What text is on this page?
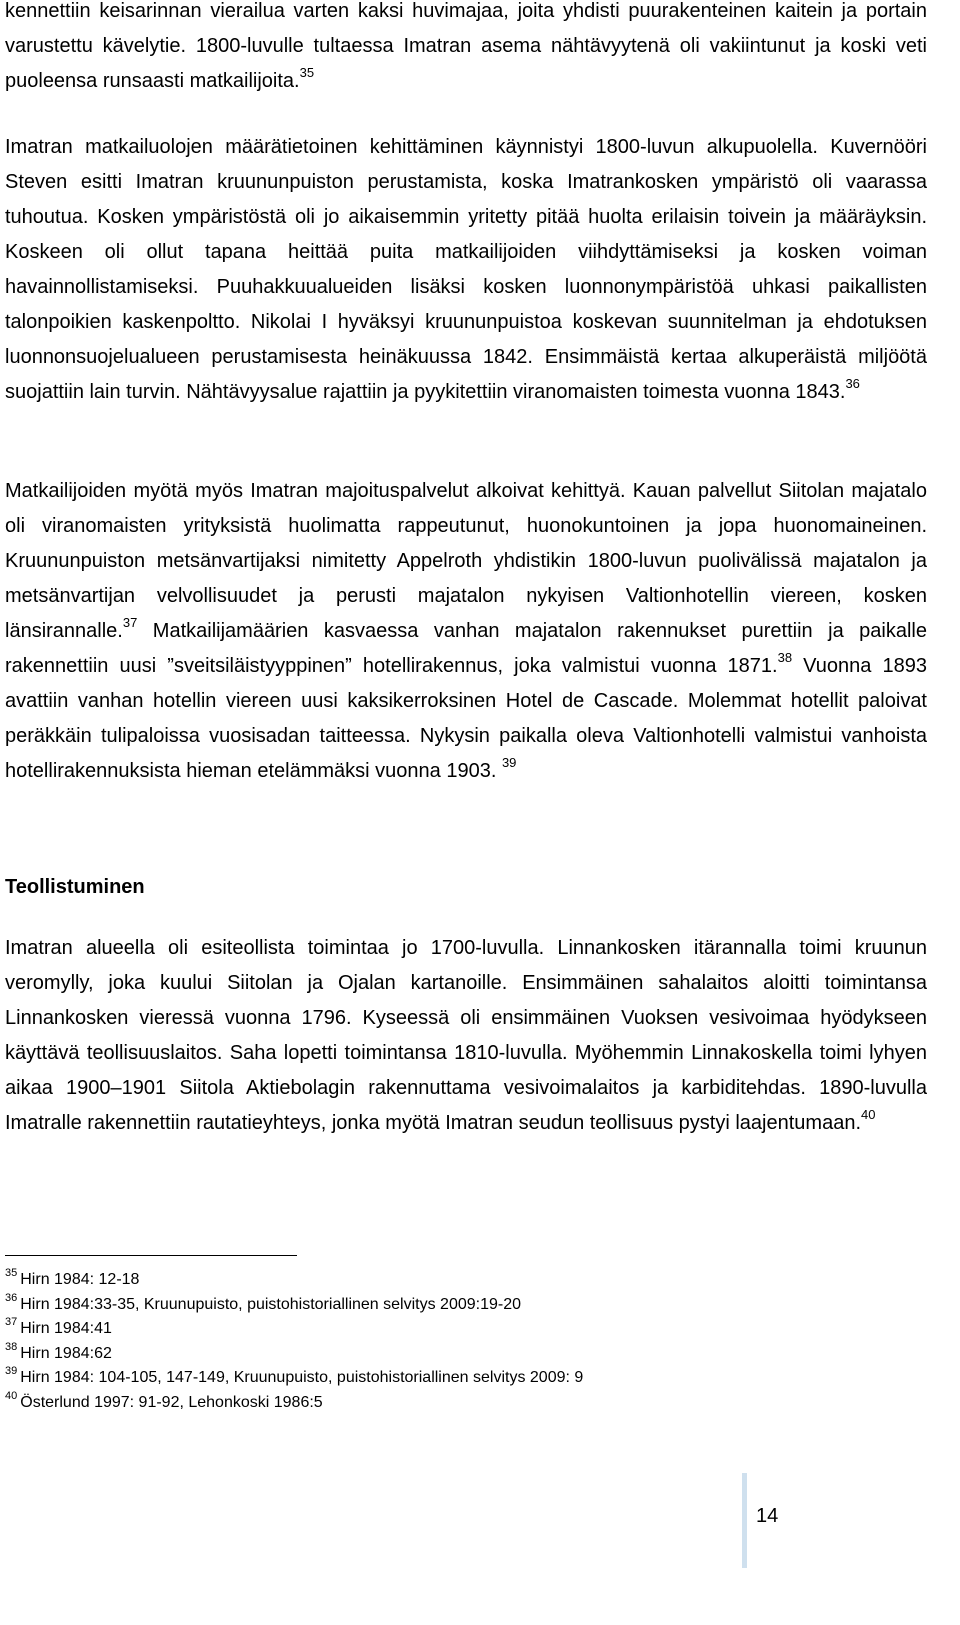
kennettiin keisarinnan vierailua varten kaksi huvimajaa, joita yhdisti puurakenteinen kaitein ja portain varustettu kävelytie. 1800-luvulle tultaessa Imatran asema nähtävyytenä oli vakiintunut ja koski veti puoleensa runsaasti matkailijoita.$^{35}$

Imatran matkailuolojen määrätietoinen kehittäminen käynnistyi 1800-luvun alkupuolella. Kuvernööri Steven esitti Imatran kruununpuiston perustamista, koska Imatrankosken ympäristö oli vaarassa tuhoutua. Kosken ympäristöstä oli jo aikaisemmin yritetty pitää huolta erilaisin toivein ja määräyksin. Koskeen oli ollut tapana heittää puita matkailijoiden viihdyttämiseksi ja kosken voiman havainnollistamiseksi. Puuhakkuualueiden lisäksi kosken luonnonympäristöä uhkasi paikallisten talonpoikien kaskenpoltto. Nikolai I hyväksyi kruununpuistoa koskevan suunnitelman ja ehdotuksen luonnonsuojelualueen perustamisesta heinäkuussa 1842. Ensimmäistä kertaa alkuperäistä miljöötä suojattiin lain turvin. Nähtävyysalue rajattiin ja pyykitettiin viranomaisten toimesta vuonna 1843.36

Matkailijoiden myötä myös Imatran majoituspalvelut alkoivat kehittyä. Kauan palvellut Siitolan majatalo oli viranomaisten yrityksistä huolimatta rappeutunut, huonokuntoinen ja jopa huonomaineinen. Kruununpuiston metsänvartijaksi nimitetty Appelroth yhdistikin 1800-luvun puolivälissä majatalon ja metsänvartijan velvollisuudet ja perusti majatalon nykyisen Valtionhotellin viereen, kosken länsirannalle.$^{37}$ Matkailijamäärien kasvaessa vanhan majatalon rakennukset purettiin ja paikalle rakennettiin uusi ”sveitsiläistyyppinen” hotellirakennus, joka valmistui vuonna 1871.38 Vuonna 1893 avattiin vanhan hotellin viereen uusi kaksikerroksinen Hotel de Cascade. Molemmat hotellit paloivat peräkkäin tulipaloissa vuosisadan taitteessa. Nykysin paikalla oleva Valtionhotelli valmistui vanhoista hotellirakennuksista hieman etelämmäksi vuonna 1903. $^{39}$

Teollistuminen

Imatran alueella oli esiteollista toimintaa jo 1700-luvulla. Linnankosken itärannalla toimi kruunun veromylly, joka kuului Siitolan ja Ojalan kartanoille. Ensimmäinen sahalaitos aloitti toimintansa Linnankosken vieressä vuonna 1796. Kyseessä oli ensimmäinen Vuoksen vesivoimaa hyödykseen käyttävä teollisuuslaitos. Saha lopetti toimintansa 1810-luvulla. Myöhemmin Linnakoskella toimi lyhyen aikaa 1900–1901 Siitola Aktiebolagin rakennuttama vesivoimalaitos ja karbiditehdas. 1890-luvulla Imatralle rakennettiin rautatieyhteys, jonka myötä Imatran seudun teollisuus pystyi laajentumaan.$^{40}$

$^{35}$ Hirn 1984: 12-18
$^{36}$ Hirn 1984:33-35, Kruunupuisto, puistohistoriallinen selvitys 2009:19-20
$^{37}$ Hirn 1984:41
$^{38}$ Hirn 1984:62
$^{39}$ Hirn 1984: 104-105, 147-149, Kruunupuisto, puistohistoriallinen selvitys 2009: 9
$^{40}$ Österlund 1997: 91-92, Lehonkoski 1986:5
14
